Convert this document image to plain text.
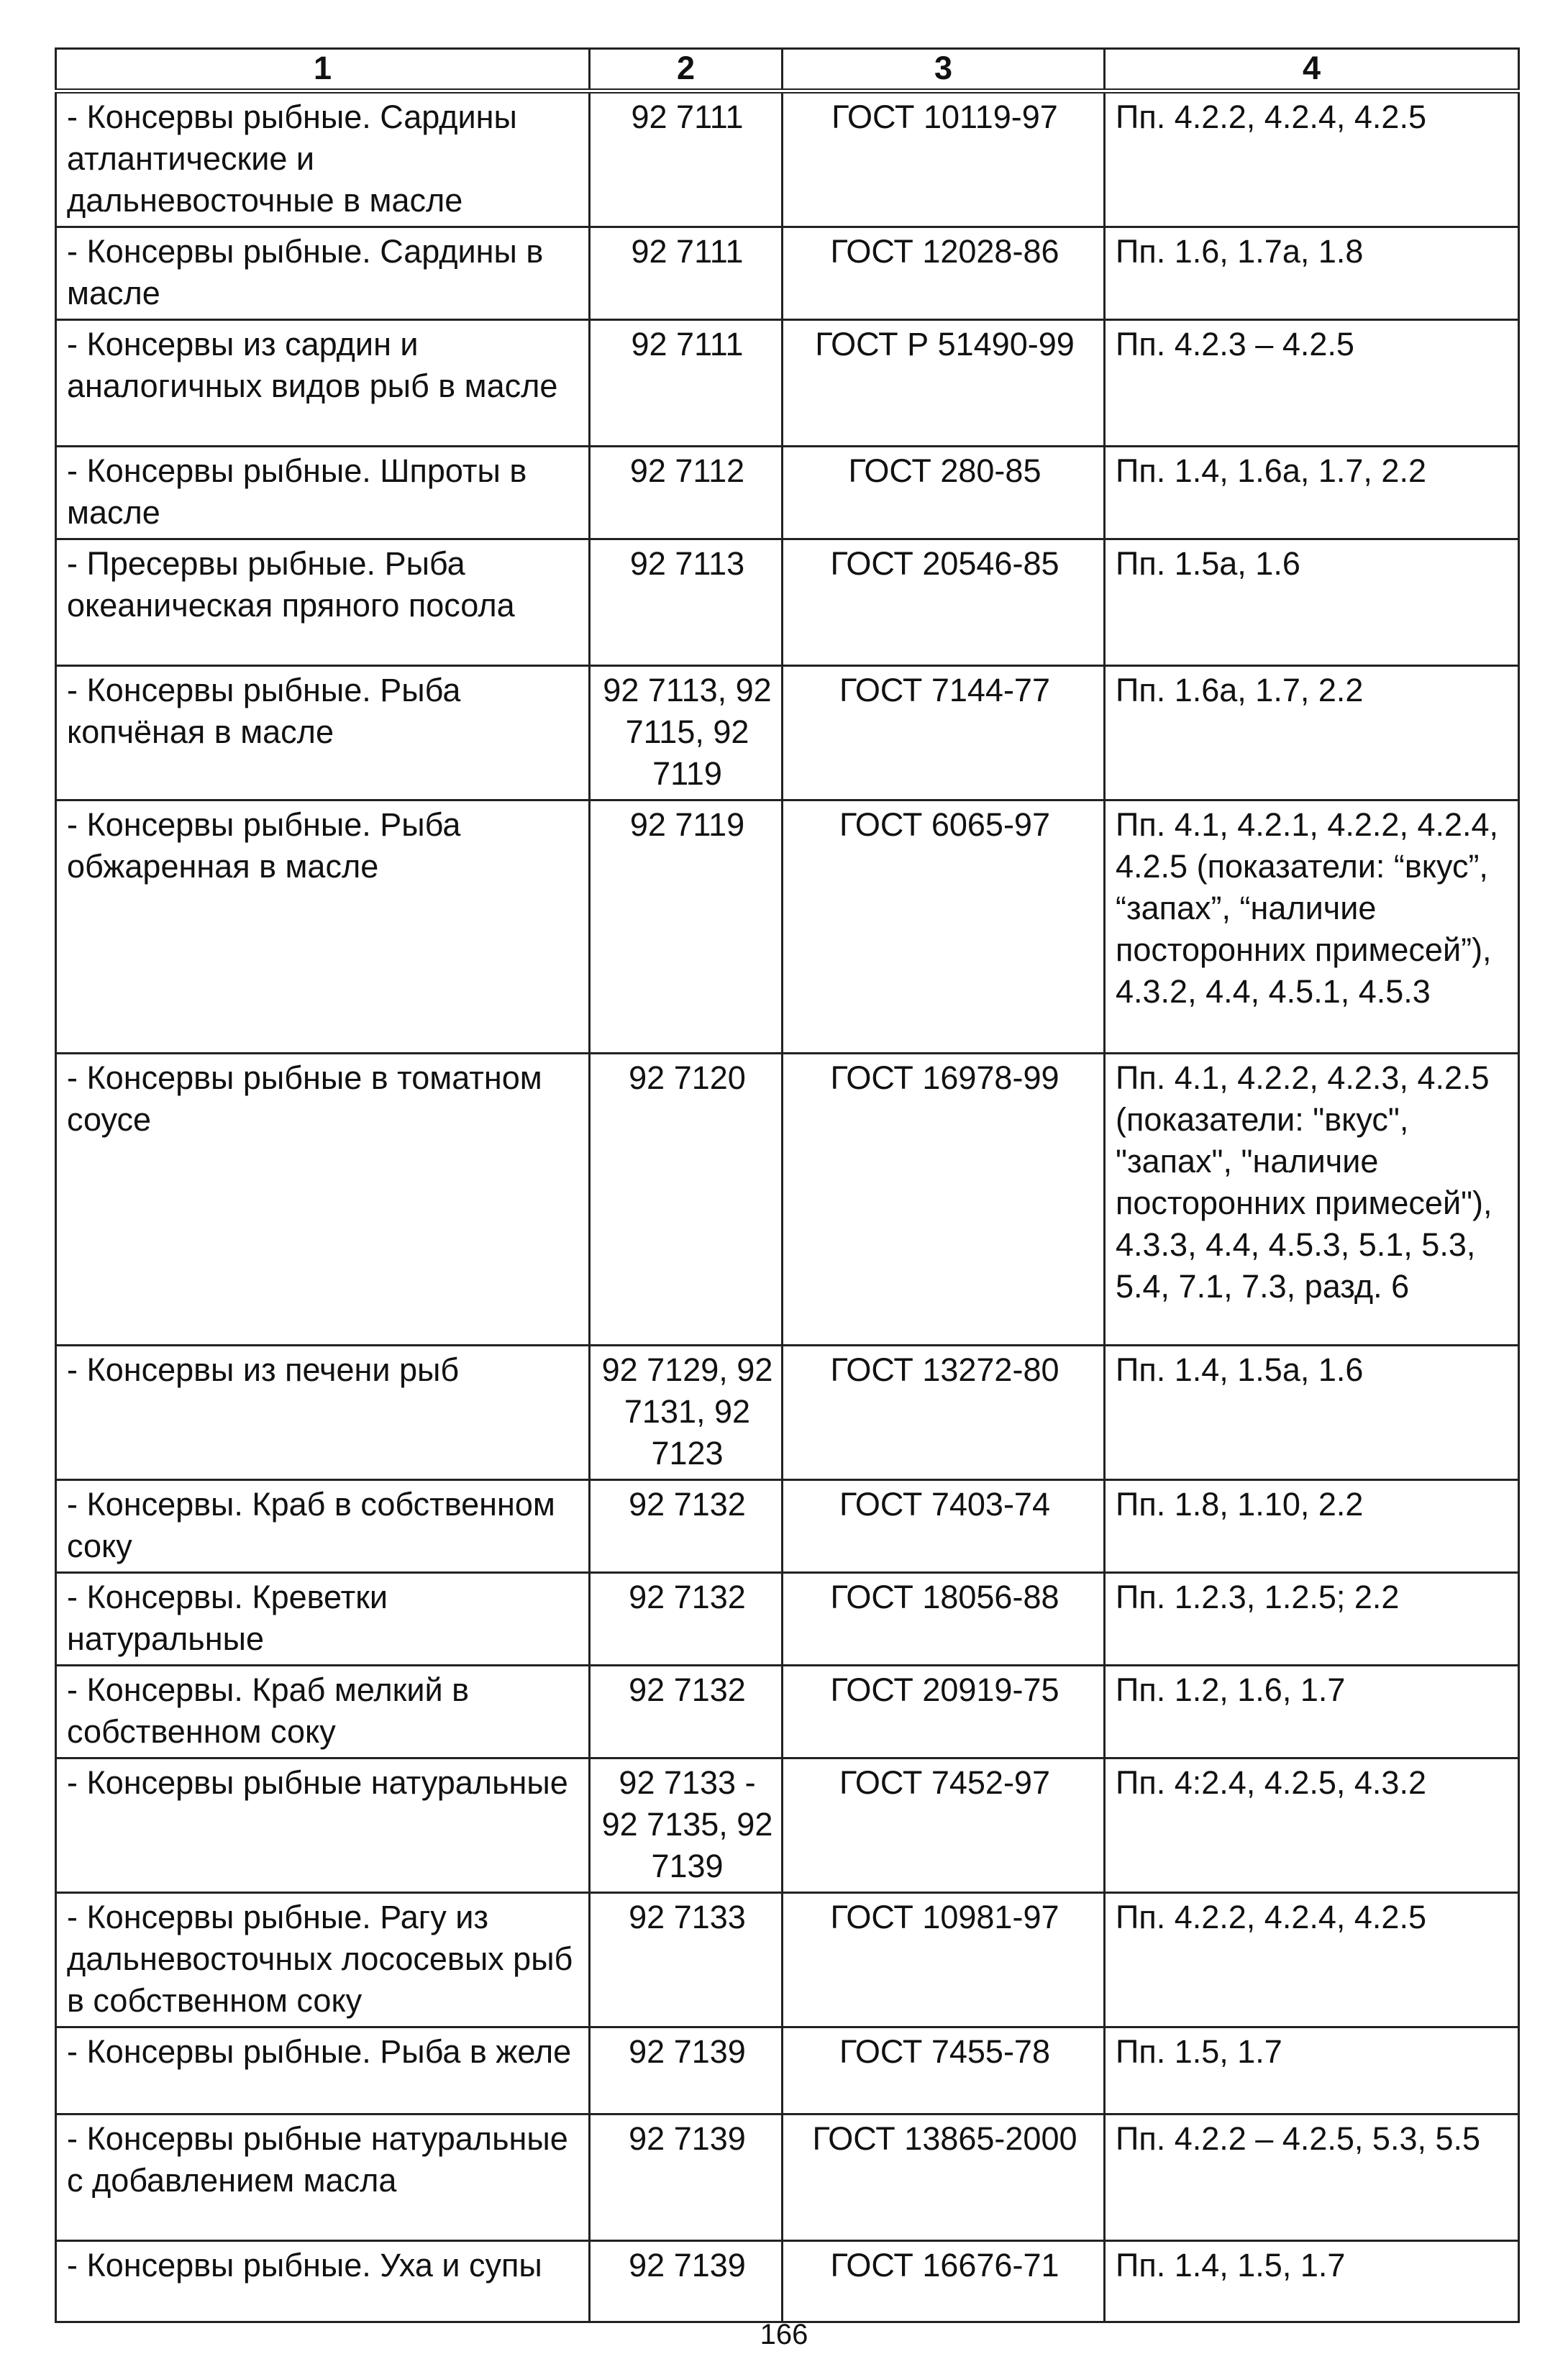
1	2	3	4
- Консервы рыбные. Сардины атлантические и дальневосточные в масле	92 7111	ГОСТ 10119-97	Пп. 4.2.2, 4.2.4, 4.2.5
- Консервы рыбные. Сардины в масле	92 7111	ГОСТ 12028-86	Пп. 1.6, 1.7а, 1.8
- Консервы из сардин и аналогичных видов рыб в масле	92 7111	ГОСТ Р 51490-99	Пп. 4.2.3 – 4.2.5
- Консервы рыбные. Шпроты в масле	92 7112	ГОСТ 280-85	Пп. 1.4, 1.6а, 1.7, 2.2
- Пресервы рыбные. Рыба океаническая пряного посола	92 7113	ГОСТ 20546-85	Пп. 1.5а, 1.6
- Консервы рыбные. Рыба копчёная в масле	92 7113, 92 7115, 92 7119	ГОСТ 7144-77	Пп. 1.6а, 1.7, 2.2
- Консервы рыбные. Рыба обжаренная в масле	92 7119	ГОСТ 6065-97	Пп. 4.1, 4.2.1, 4.2.2, 4.2.4, 4.2.5 (показатели: “вкус”, “запах”, “наличие посторонних примесей”), 4.3.2, 4.4, 4.5.1, 4.5.3
- Консервы рыбные в томатном соусе	92 7120	ГОСТ 16978-99	Пп. 4.1, 4.2.2, 4.2.3, 4.2.5 (показатели: "вкус", "запах", "наличие посторонних примесей"), 4.3.3, 4.4, 4.5.3, 5.1, 5.3, 5.4, 7.1, 7.3, разд. 6
- Консервы из печени рыб	92 7129, 92 7131, 92 7123	ГОСТ 13272-80	Пп. 1.4, 1.5а, 1.6
- Консервы. Краб в собственном соку	92 7132	ГОСТ 7403-74	Пп. 1.8, 1.10, 2.2
- Консервы. Креветки натуральные	92 7132	ГОСТ 18056-88	Пп. 1.2.3, 1.2.5; 2.2
- Консервы. Краб мелкий в собственном соку	92 7132	ГОСТ 20919-75	Пп. 1.2, 1.6, 1.7
- Консервы рыбные натуральные	92 7133 - 92 7135, 92 7139	ГОСТ 7452-97	Пп. 4:2.4, 4.2.5, 4.3.2
- Консервы рыбные. Рагу из дальневосточных лососевых рыб в собственном соку	92 7133	ГОСТ 10981-97	Пп. 4.2.2, 4.2.4, 4.2.5
- Консервы рыбные. Рыба в желе	92 7139	ГОСТ 7455-78	Пп. 1.5, 1.7
- Консервы рыбные натуральные с добавлением масла	92 7139	ГОСТ 13865-2000	Пп. 4.2.2 – 4.2.5, 5.3, 5.5
- Консервы рыбные. Уха и супы	92 7139	ГОСТ 16676-71	Пп. 1.4, 1.5, 1.7
166
